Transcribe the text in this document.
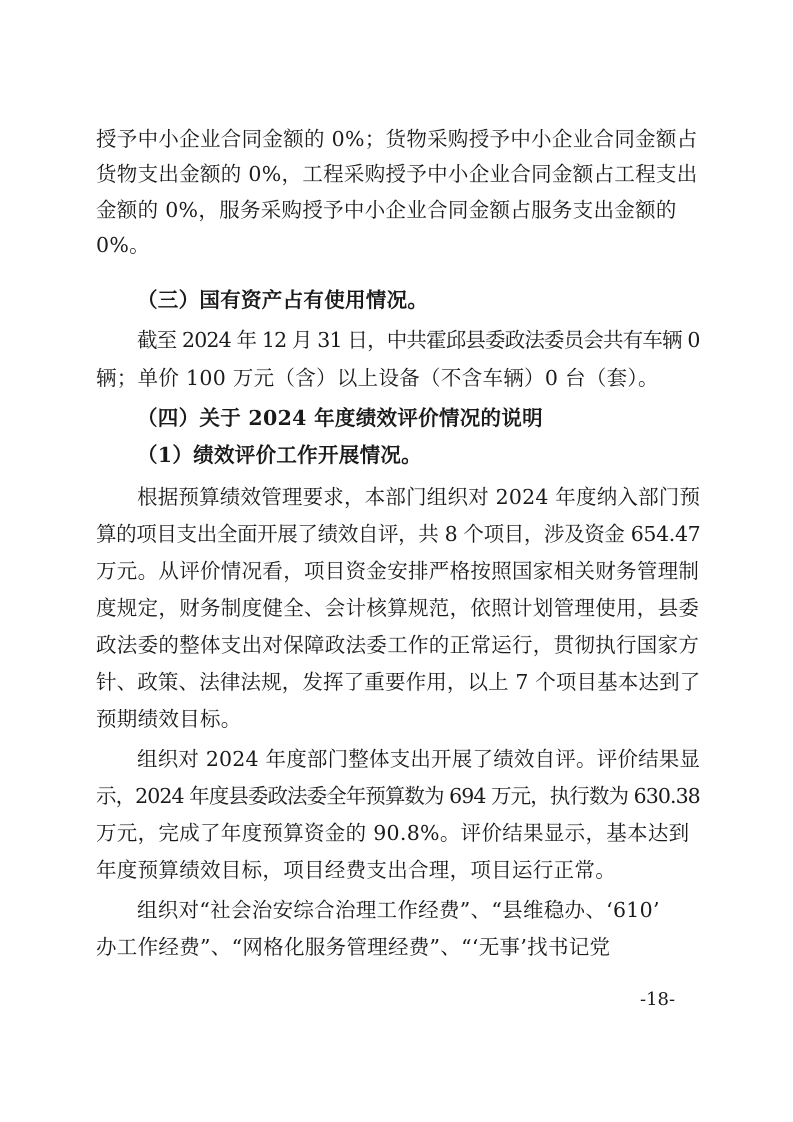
授予中小企业合同金额的 0%；货物采购授予中小企业合同金额占
货物支出金额的 0%，工程采购授予中小企业合同金额占工程支出
金额的 0%，服务采购授予中小企业合同金额占服务支出金额的
0%。
（三）国有资产占有使用情况。
截至 2024 年 12 月 31 日，中共霍邱县委政法委员会共有车辆 0
辆；单价 100 万元（含）以上设备（不含车辆）0 台（套）。
（四）关于 2024 年度绩效评价情况的说明
（1）绩效评价工作开展情况。
根据预算绩效管理要求，本部门组织对 2024 年度纳入部门预
算的项目支出全面开展了绩效自评，共 8 个项目，涉及资金 654.47
万元。从评价情况看，项目资金安排严格按照国家相关财务管理制
度规定，财务制度健全、会计核算规范，依照计划管理使用，县委
政法委的整体支出对保障政法委工作的正常运行，贯彻执行国家方
针、政策、法律法规，发挥了重要作用，以上 7 个项目基本达到了
预期绩效目标。
组织对 2024 年度部门整体支出开展了绩效自评。评价结果显
示，2024 年度县委政法委全年预算数为 694 万元，执行数为 630.38
万元，完成了年度预算资金的 90.8%。评价结果显示，基本达到
年度预算绩效目标，项目经费支出合理，项目运行正常。
组织对“社会治安综合治理工作经费”、“县维稳办、‘610’
办工作经费”、“网格化服务管理经费”、“‘无事’找书记党
-18-
